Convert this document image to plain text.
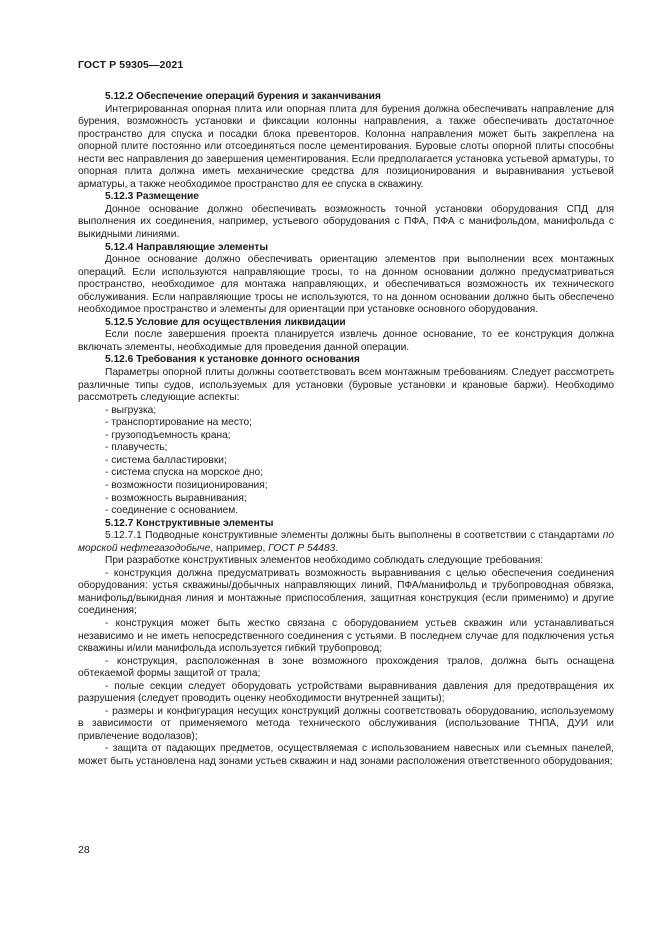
ГОСТ Р 59305—2021

5.12.2 Обеспечение операций бурения и заканчивания

Интегрированная опорная плита или опорная плита для бурения должна обеспечивать направление для бурения, возможность установки и фиксации колонны направления, а также обеспечивать достаточное пространство для спуска и посадки блока превенторов. Колонна направления может быть закреплена на опорной плите постоянно или отсоединяться после цементирования. Буровые слоты опорной плиты способны нести вес направления до завершения цементирования. Если предполагается установка устьевой арматуры, то опорная плита должна иметь механические средства для позиционирования и выравнивания устьевой арматуры, а также необходимое пространство для ее спуска в скважину.

5.12.3 Размещение

Донное основание должно обеспечивать возможность точной установки оборудования СПД для выполнения их соединения, например, устьевого оборудования с ПФА, ПФА с манифольдом, манифольда с выкидными линиями.

5.12.4 Направляющие элементы

Донное основание должно обеспечивать ориентацию элементов при выполнении всех монтажных операций. Если используются направляющие тросы, то на донном основании должно предусматриваться пространство, необходимое для монтажа направляющих, и обеспечиваться возможность их технического обслуживания. Если направляющие тросы не используются, то на донном основании должно быть обеспечено необходимое пространство и элементы для ориентации при установке основного оборудования.

5.12.5 Условие для осуществления ликвидации

Если после завершения проекта планируется извлечь донное основание, то ее конструкция должна включать элементы, необходимые для проведения данной операции.

5.12.6 Требования к установке донного основания

Параметры опорной плиты должны соответствовать всем монтажным требованиям. Следует рассмотреть различные типы судов, используемых для установки (буровые установки и крановые баржи). Необходимо рассмотреть следующие аспекты:

- выгрузка;

- транспортирование на место;

- грузоподъемность крана;

- плавучесть;

- система балластировки;

- система спуска на морское дно;

- возможности позиционирования;

- возможность выравнивания;

- соединение с основанием.

5.12.7 Конструктивные элементы

5.12.7.1 Подводные конструктивные элементы должны быть выполнены в соответствии с стандартами по морской нефтегазодобыче, например, ГОСТ Р 54483.

При разработке конструктивных элементов необходимо соблюдать следующие требования:

- конструкция должна предусматривать возможность выравнивания с целью обеспечения соединения оборудования: устья скважины/добычных направляющих линий, ПФА/манифольд и трубопроводная обвязка, манифольд/выкидная линия и монтажные приспособления, защитная конструкция (если применимо) и другие соединения;

- конструкция может быть жестко связана с оборудованием устьев скважин или устанавливаться независимо и не иметь непосредственного соединения с устьями. В последнем случае для подключения устья скважины и/или манифольда используется гибкий трубопровод;

- конструкция, расположенная в зоне возможного прохождения тралов, должна быть оснащена обтекаемой формы защитой от трала;

- полые секции следует оборудовать устройствами выравнивания давления для предотвращения их разрушения (следует проводить оценку необходимости внутренней защиты);

- размеры и конфигурация несущих конструкций должны соответствовать оборудованию, используемому в зависимости от применяемого метода технического обслуживания (использование ТНПА, ДУИ или привлечение водолазов);

- защита от падающих предметов, осуществляемая с использованием навесных или съемных панелей, может быть установлена над зонами устьев скважин и над зонами расположения ответственного оборудования;

28
